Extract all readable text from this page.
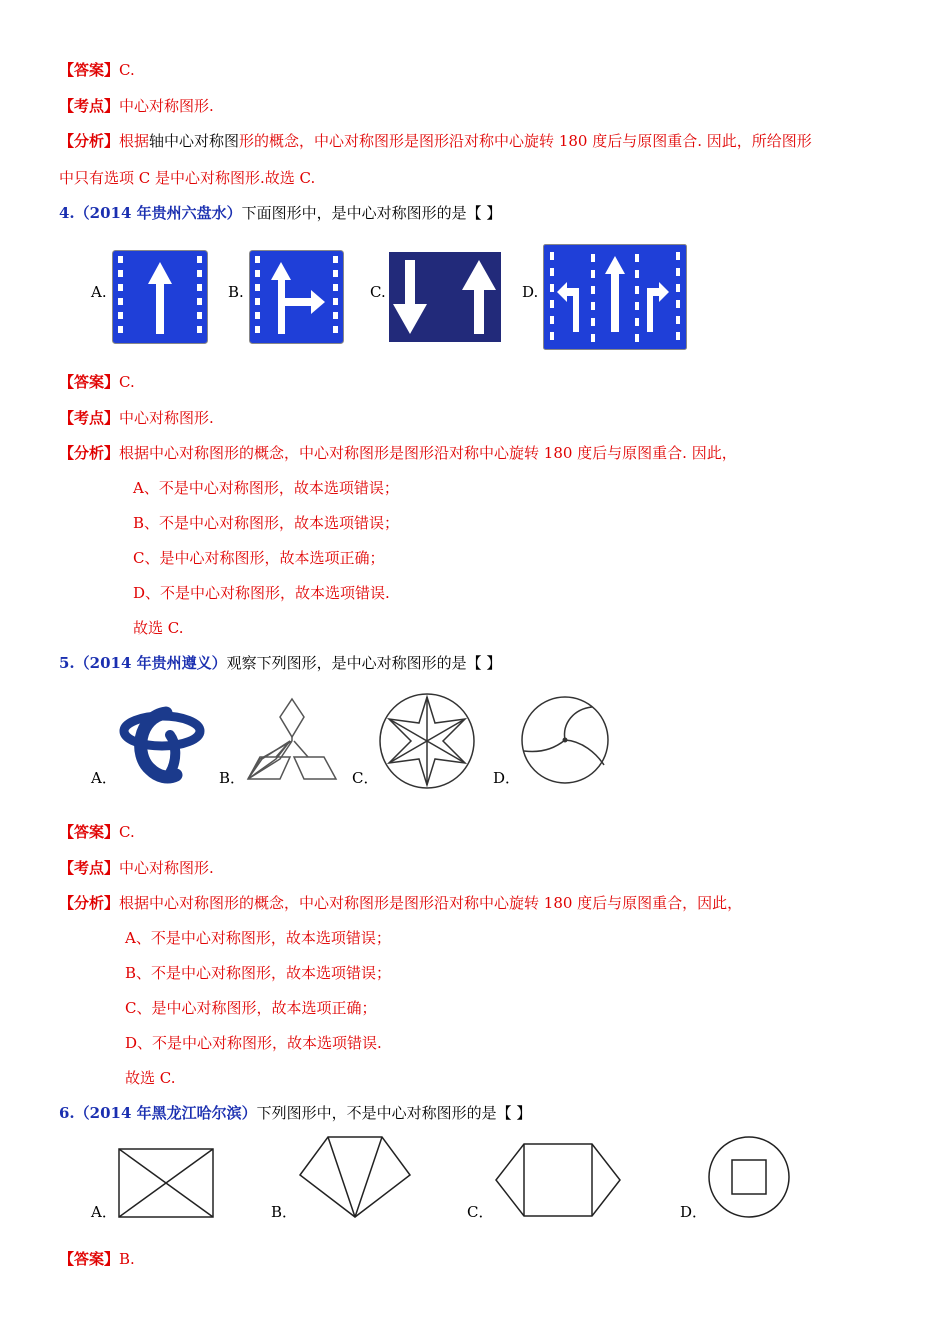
【答案】C.
【考点】中心对称图形.
【分析】根据轴中心对称图形的概念，中心对称图形是图形沿对称中心旋转 180 度后与原图重合. 因此，所给图形
中只有选项 C 是中心对称图形.故选 C.
4.（2014 年贵州六盘水）下面图形中，是中心对称图形的是【 】
A.	B.	C.	D.
【答案】C.
【考点】中心对称图形.
【分析】根据中心对称图形的概念，中心对称图形是图形沿对称中心旋转 180 度后与原图重合. 因此，
A、不是中心对称图形，故本选项错误；
B、不是中心对称图形，故本选项错误；
C、是中心对称图形，故本选项正确；
D、不是中心对称图形，故本选项错误.
故选 C.
5.（2014 年贵州遵义）观察下列图形，是中心对称图形的是【 】
A．	B．	C．	D．
【答案】C.
【考点】中心对称图形.
【分析】根据中心对称图形的概念，中心对称图形是图形沿对称中心旋转 180 度后与原图重合，因此，
A、不是中心对称图形，故本选项错误；
B、不是中心对称图形，故本选项错误；
C、是中心对称图形，故本选项正确；
D、不是中心对称图形，故本选项错误.
故选 C.
6.（2014 年黑龙江哈尔滨）下列图形中，不是中心对称图形的是【 】
A．	B．	C．	D．
【答案】B.
